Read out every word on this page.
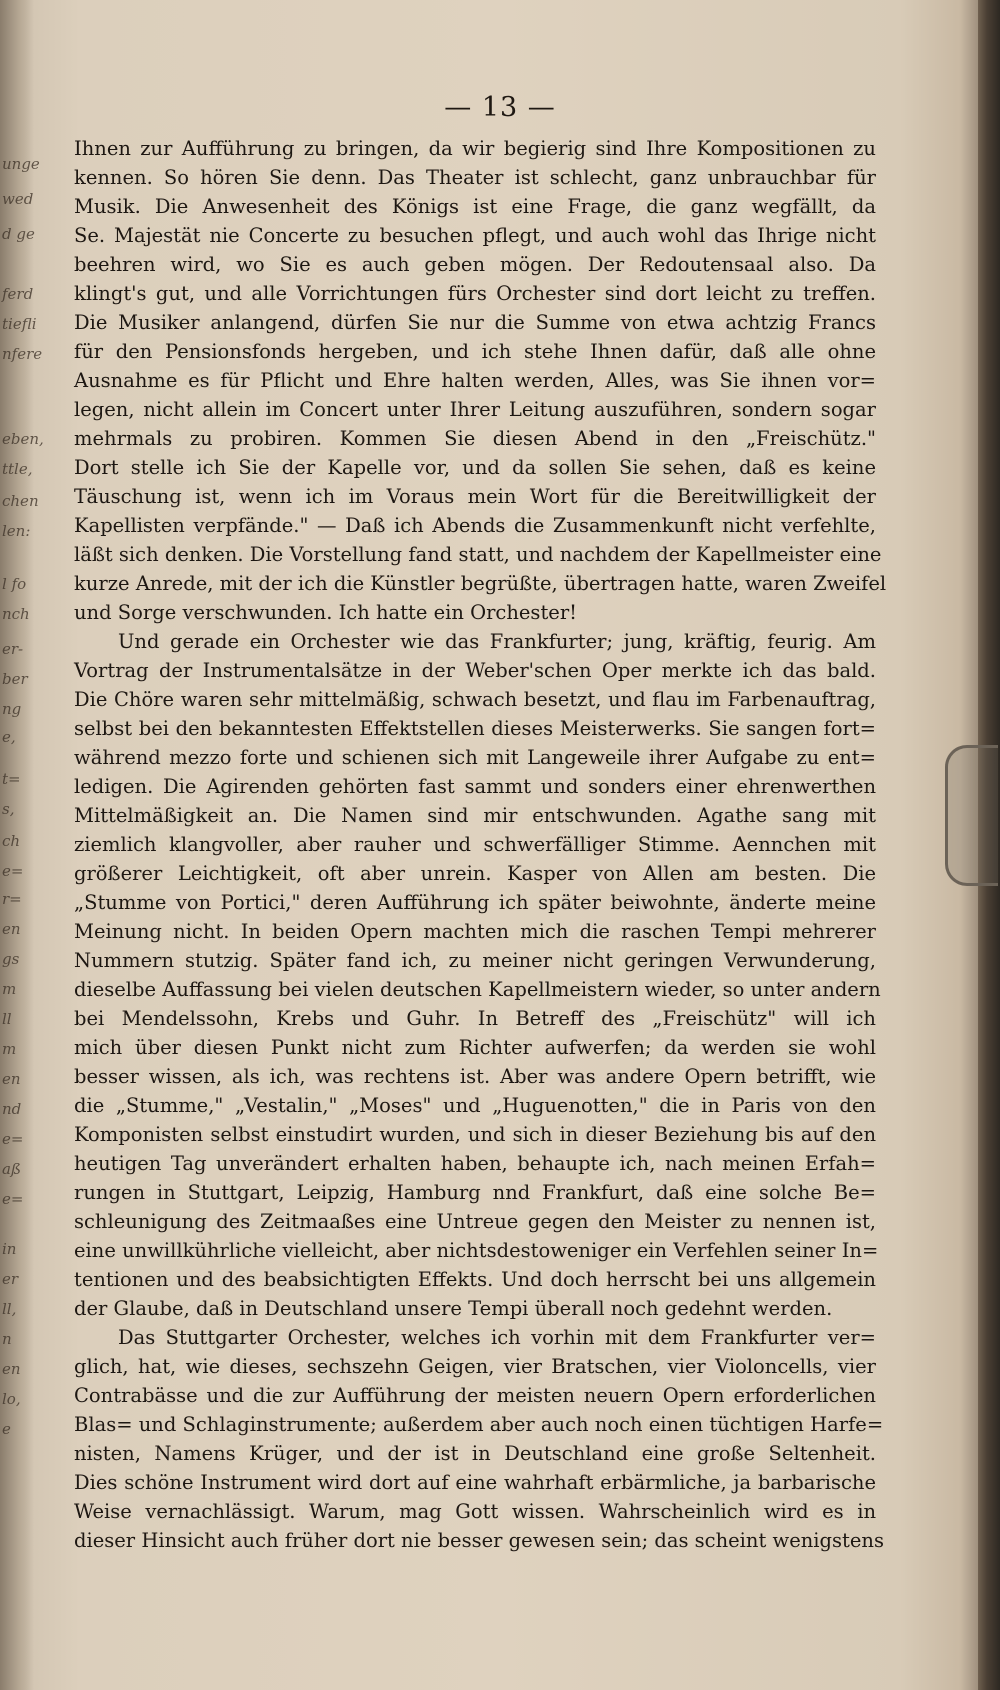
unge
wed
d ge
ferd
tiefli
nfere
eben,
ttle,
chen
len:
l fo
nch
er-
ber
ng
e,
t=
s,
ch
e=
r=
en
gs
m
ll
m
en
nd
e=
aß
e=
in
er
ll,
n
en
lo,
e
— 13 —
Ihnen zur Aufführung zu bringen, da wir begierig sind Ihre Kompositionen zu
kennen. So hören Sie denn. Das Theater ist schlecht, ganz unbrauchbar für
Musik. Die Anwesenheit des Königs ist eine Frage, die ganz wegfällt, da
Se. Majestät nie Concerte zu besuchen pflegt, und auch wohl das Ihrige nicht
beehren wird, wo Sie es auch geben mögen. Der Redoutensaal also. Da
klingt's gut, und alle Vorrichtungen fürs Orchester sind dort leicht zu treffen.
Die Musiker anlangend, dürfen Sie nur die Summe von etwa achtzig Francs
für den Pensionsfonds hergeben, und ich stehe Ihnen dafür, daß alle ohne
Ausnahme es für Pflicht und Ehre halten werden, Alles, was Sie ihnen vor=
legen, nicht allein im Concert unter Ihrer Leitung auszuführen, sondern sogar
mehrmals zu probiren. Kommen Sie diesen Abend in den „Freischütz."
Dort stelle ich Sie der Kapelle vor, und da sollen Sie sehen, daß es keine
Täuschung ist, wenn ich im Voraus mein Wort für die Bereitwilligkeit der
Kapellisten verpfände." — Daß ich Abends die Zusammenkunft nicht verfehlte,
läßt sich denken. Die Vorstellung fand statt, und nachdem der Kapellmeister eine
kurze Anrede, mit der ich die Künstler begrüßte, übertragen hatte, waren Zweifel
und Sorge verschwunden. Ich hatte ein Orchester!
Und gerade ein Orchester wie das Frankfurter; jung, kräftig, feurig. Am
Vortrag der Instrumentalsätze in der Weber'schen Oper merkte ich das bald.
Die Chöre waren sehr mittelmäßig, schwach besetzt, und flau im Farbenauftrag,
selbst bei den bekanntesten Effektstellen dieses Meisterwerks. Sie sangen fort=
während mezzo forte und schienen sich mit Langeweile ihrer Aufgabe zu ent=
ledigen. Die Agirenden gehörten fast sammt und sonders einer ehrenwerthen
Mittelmäßigkeit an. Die Namen sind mir entschwunden. Agathe sang mit
ziemlich klangvoller, aber rauher und schwerfälliger Stimme. Aennchen mit
größerer Leichtigkeit, oft aber unrein. Kasper von Allen am besten. Die
„Stumme von Portici," deren Aufführung ich später beiwohnte, änderte meine
Meinung nicht. In beiden Opern machten mich die raschen Tempi mehrerer
Nummern stutzig. Später fand ich, zu meiner nicht geringen Verwunderung,
dieselbe Auffassung bei vielen deutschen Kapellmeistern wieder, so unter andern
bei Mendelssohn, Krebs und Guhr. In Betreff des „Freischütz" will ich
mich über diesen Punkt nicht zum Richter aufwerfen; da werden sie wohl
besser wissen, als ich, was rechtens ist. Aber was andere Opern betrifft, wie
die „Stumme," „Vestalin," „Moses" und „Huguenotten," die in Paris von den
Komponisten selbst einstudirt wurden, und sich in dieser Beziehung bis auf den
heutigen Tag unverändert erhalten haben, behaupte ich, nach meinen Erfah=
rungen in Stuttgart, Leipzig, Hamburg nnd Frankfurt, daß eine solche Be=
schleunigung des Zeitmaaßes eine Untreue gegen den Meister zu nennen ist,
eine unwillkührliche vielleicht, aber nichtsdestoweniger ein Verfehlen seiner In=
tentionen und des beabsichtigten Effekts. Und doch herrscht bei uns allgemein
der Glaube, daß in Deutschland unsere Tempi überall noch gedehnt werden.
Das Stuttgarter Orchester, welches ich vorhin mit dem Frankfurter ver=
glich, hat, wie dieses, sechszehn Geigen, vier Bratschen, vier Violoncells, vier
Contrabässe und die zur Aufführung der meisten neuern Opern erforderlichen
Blas= und Schlaginstrumente; außerdem aber auch noch einen tüchtigen Harfe=
nisten, Namens Krüger, und der ist in Deutschland eine große Seltenheit.
Dies schöne Instrument wird dort auf eine wahrhaft erbärmliche, ja barbarische
Weise vernachlässigt. Warum, mag Gott wissen. Wahrscheinlich wird es in
dieser Hinsicht auch früher dort nie besser gewesen sein; das scheint wenigstens
